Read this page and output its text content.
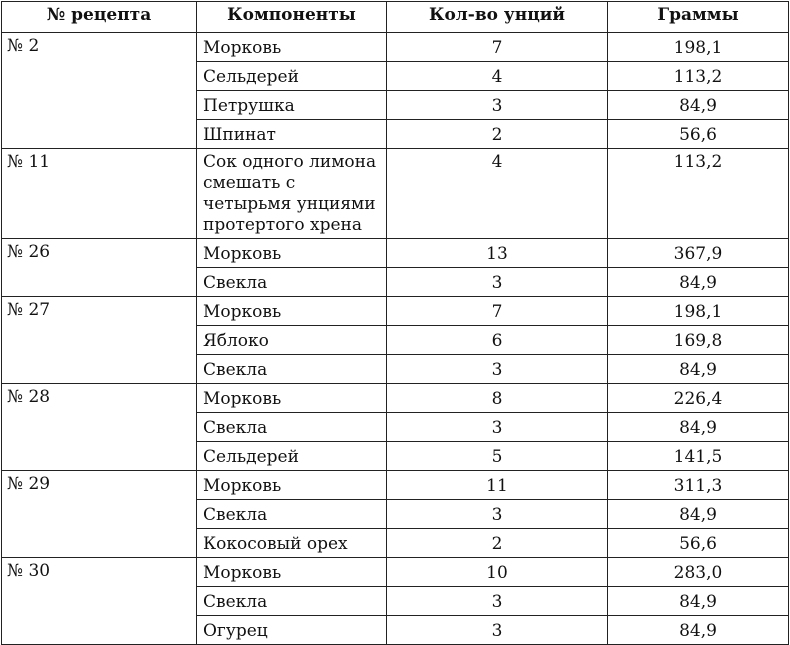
№ рецепта	Компоненты	Кол-во унций	Граммы
№ 2	Морковь	7	198,1
	Сельдерей	4	113,2
	Петрушка	3	84,9
	Шпинат	2	56,6
№ 11	Сок одного лимона смешать с четырьмя унциями протертого хрена	4	113,2
№ 26	Морковь	13	367,9
	Свекла	3	84,9
№ 27	Морковь	7	198,1
	Яблоко	6	169,8
	Свекла	3	84,9
№ 28	Морковь	8	226,4
	Свекла	3	84,9
	Сельдерей	5	141,5
№ 29	Морковь	11	311,3
	Свекла	3	84,9
	Кокосовый орех	2	56,6
№ 30	Морковь	10	283,0
	Свекла	3	84,9
	Огурец	3	84,9
